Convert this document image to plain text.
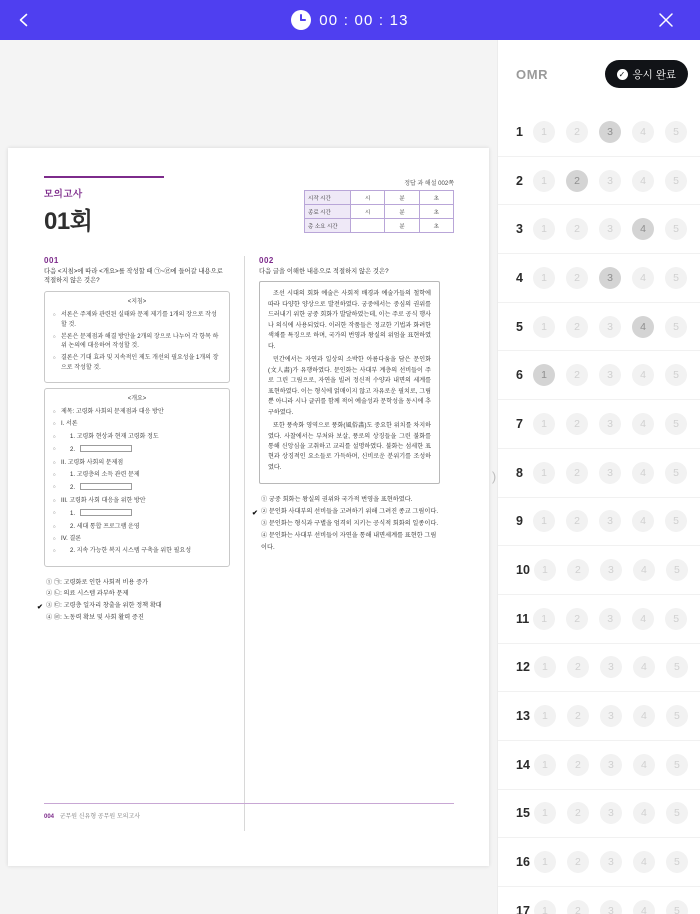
00 : 00 : 13
모의고사
01회
정답 과 해설 002쪽
시작 시간	시	분	초
종료 시간	시	분	초
총 소요 시간		분	초
001
다음 <지침>에 따라 <개요>를 작성할 때 ㉠~㉣에 들어갈 내용으로 적절하지 않은 것은?
<지침>
○ 서론은 주제와 관련된 실태와 문제 제기를 1개의 장으로 작성할 것.
○ 본론은 문제점과 해결 방안을 2개의 장으로 나누어 각 항목 하위 논의에 대응하여 작성할 것.
○ 결론은 기대 효과 및 지속적인 제도 개선의 필요성을 1개의 장으로 작성할 것.
<개요>
○ 제목: 고령화 사회의 문제점과 대응 방안
○ I. 서론
○ 1. 고령화 현상과 현재 고령화 정도
○ 2.
○ II. 고령화 사회의 문제점
○ 1. 고령층의 소득 관련 문제
○ 2.
○ III. 고령화 사회 대응을 위한 방안
○ 1.
○ 2. 세대 통합 프로그램 운영
○ IV. 결론
○ 2. 지속 가능한 복지 시스템 구축을 위한 필요성
① ㉠: 고령화로 인한 사회적 비용 증가
② ㉡: 의료 시스템 과부하 문제
✔ ③ ㉢: 고령층 일자리 창출을 위한 정책 확대
④ ㉣: 노동력 확보 및 사회 활력 증진
002
다음 글을 이해한 내용으로 적절하지 않은 것은?

조선 시대의 회화 예술은 사회적 배경과 예술가들의 철학에 따라 다양한 양상으로 발전하였다. 궁중에서는 중심의 권위를 드러내기 위한 궁중 회화가 발달하였는데, 이는 주로 공식 행사나 의식에 사용되었다. 이러한 작품들은 정교한 기법과 화려한 색채를 특징으로 하며, 국가의 번영과 왕실의 위엄을 표현하였다.

민간에서는 자연과 일상의 소박한 아름다움을 담은 문인화(文人畵)가 유행하였다. 문인화는 사대부 계층의 선비들이 주로 그린 그림으로, 자연을 빌려 정신적 수양과 내면의 세계를 표현하였다. 이는 형식에 얽매이지 않고 자유로운 필치로, 그림뿐 아니라 시나 글귀를 함께 적어 예술성과 문학성을 동시에 추구하였다.

또한 풍속화 영역으로 풍화(風俗畵)도 중요한 위치를 차지하였다. 사찰에서는 부처와 보살, 풍로의 상징들을 그린 불화를 통해 신앙심을 고취하고 교리를 설명하였다. 불화는 섬세한 표현과 상징적인 요소들로 가득하며, 신비로운 분위기를 조성하였다.

① 궁중 회화는 왕실의 권위와 국가적 번영을 표현하였다.
✔ ② 문인화 사대부의 선비들을 고려하기 위해 그려진 종교 그림이다.
③ 문인화는 형식과 구별을 엄격히 지키는 공식적 회화의 일종이다.
④ 문인화는 사대부 선비들이 자연을 통해 내면세계를 표현한 그림이다.
004 군무원 신유형 공무원 모의고사
)
OMR	✓ 응시 완료
1	1	2	3	4	5
2	1	2	3	4	5
3	1	2	3	4	5
4	1	2	3	4	5
5	1	2	3	4	5
6	1	2	3	4	5
7	1	2	3	4	5
8	1	2	3	4	5
9	1	2	3	4	5
10	1	2	3	4	5
11	1	2	3	4	5
12	1	2	3	4	5
13	1	2	3	4	5
14	1	2	3	4	5
15	1	2	3	4	5
16	1	2	3	4	5
17	1	2	3	4	5
